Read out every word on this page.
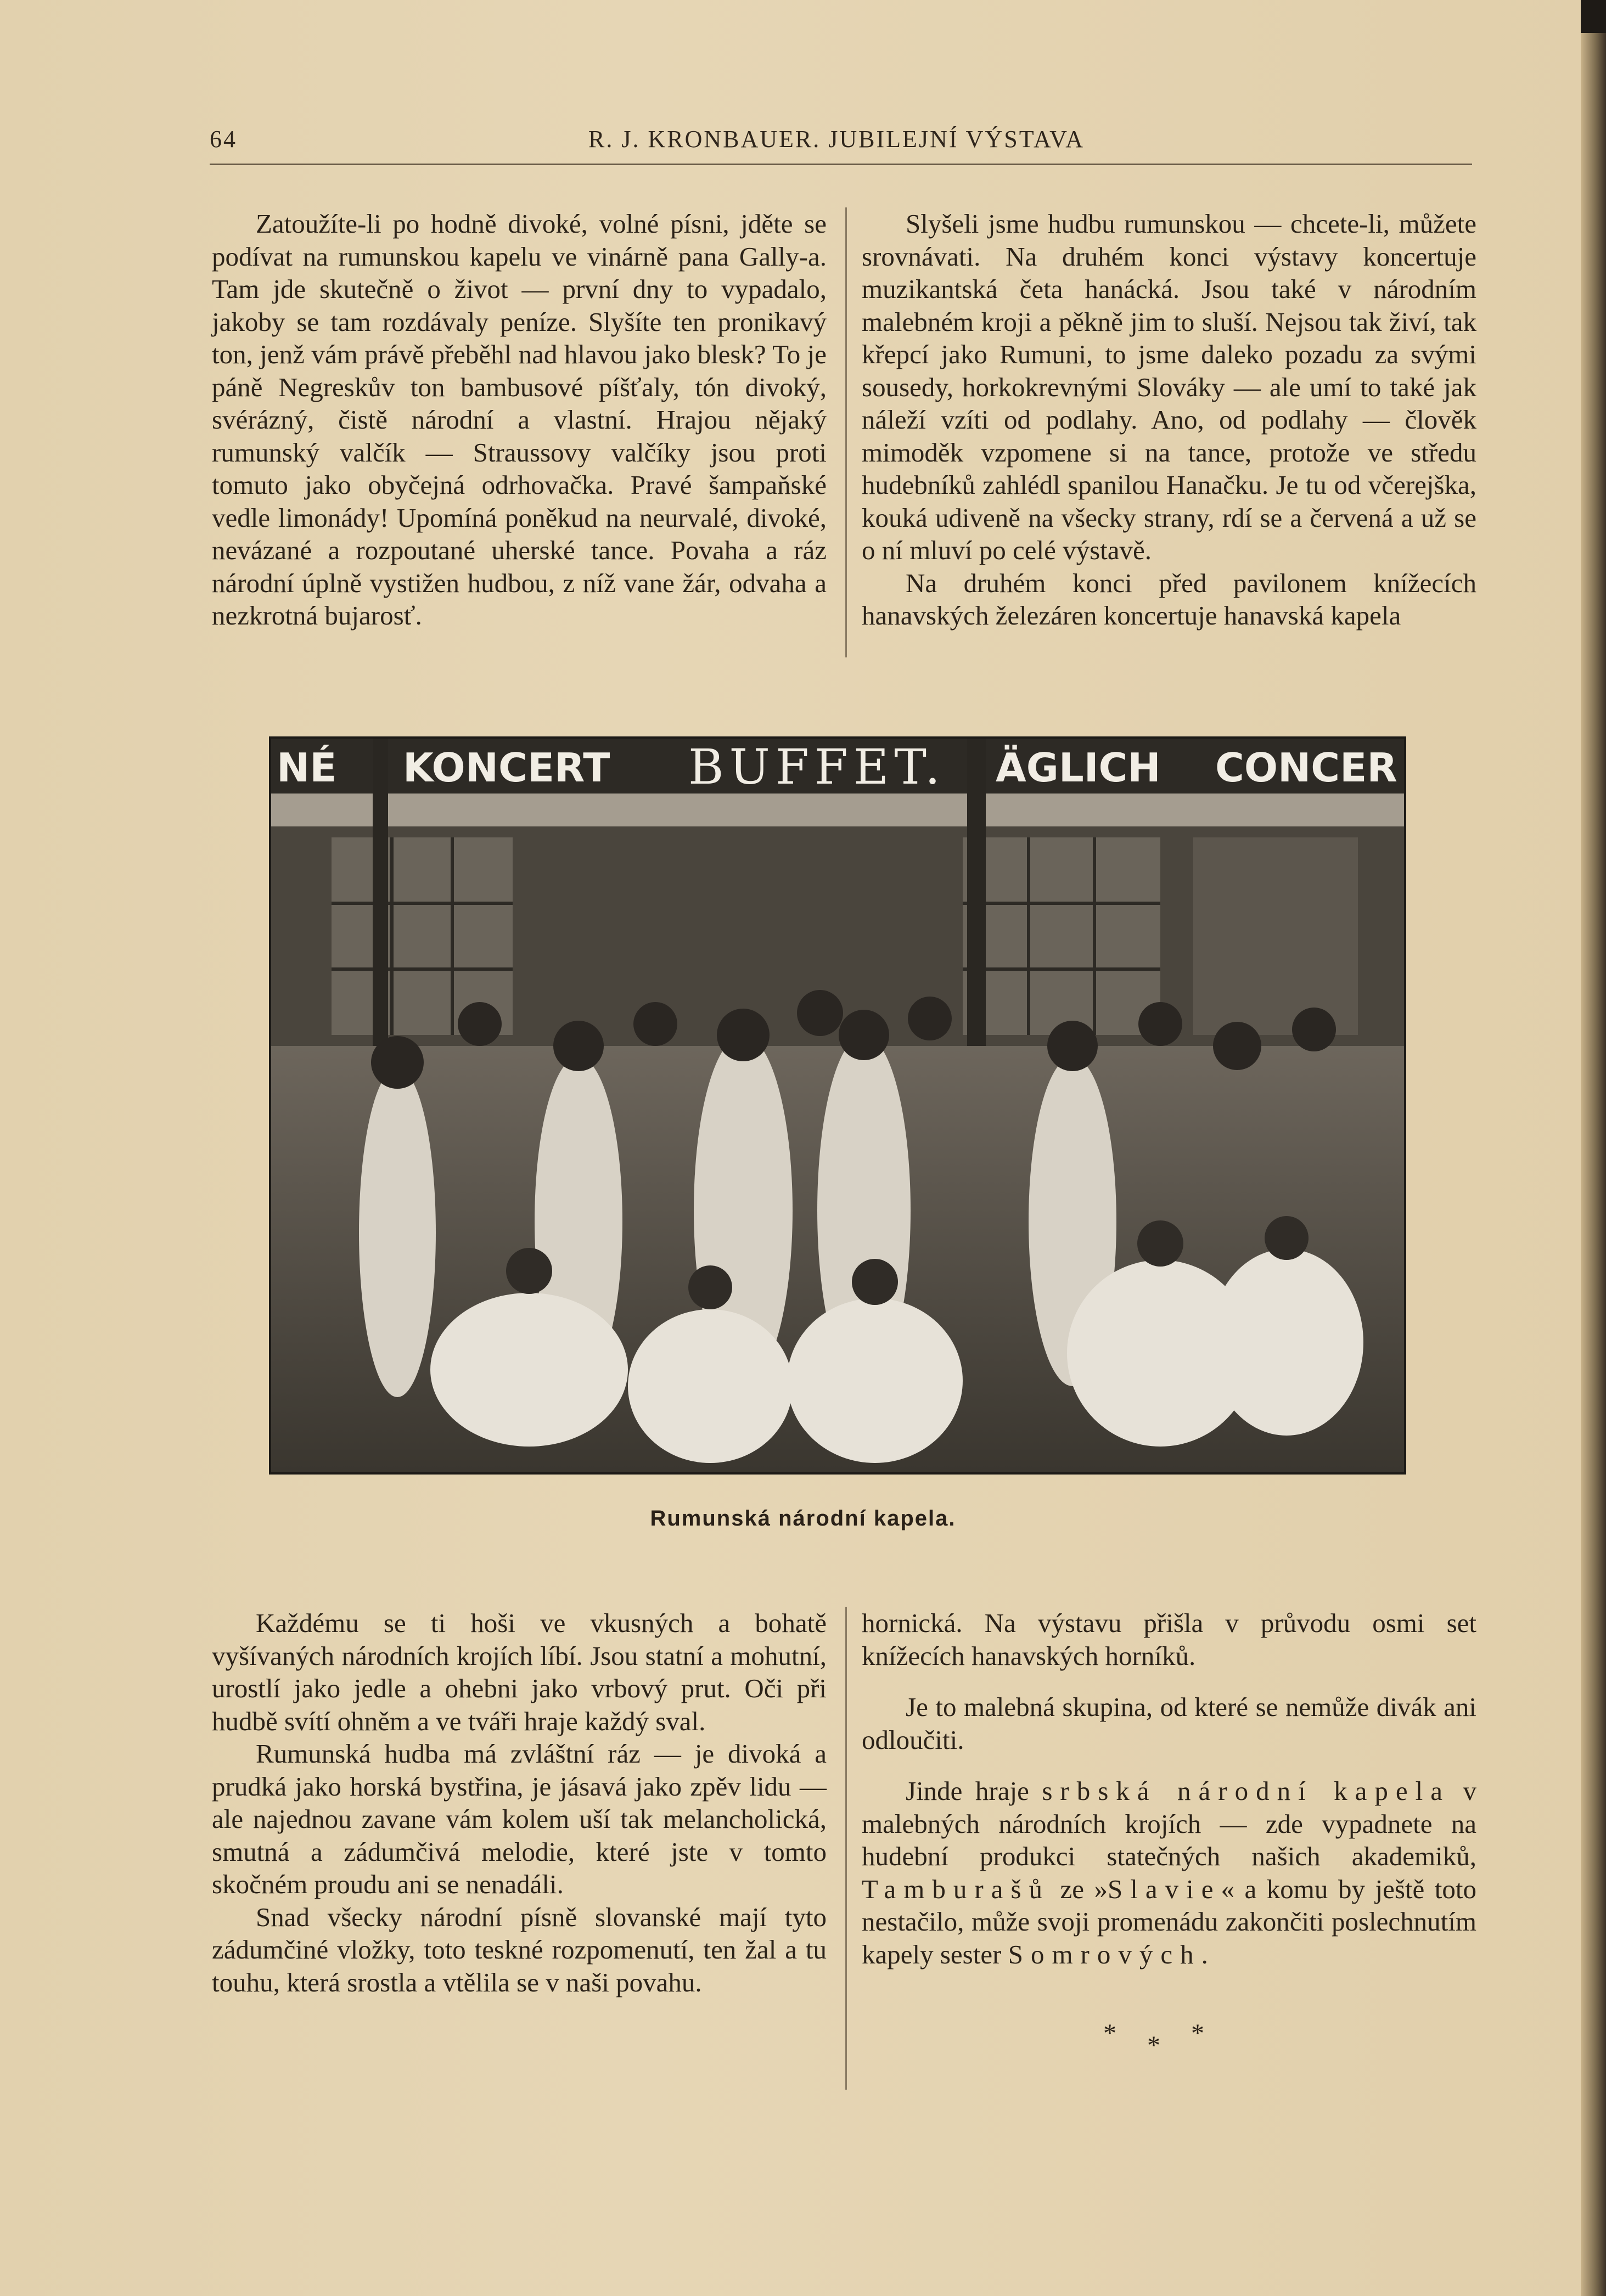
64	R. J. KRONBAUER. JUBILEJNÍ VÝSTAVA

Zatoužíte-li po hodně divoké, volné písni, jděte se podívat na rumunskou kapelu ve vinárně pana Gally-a. Tam jde skutečně o život — první dny to vypadalo, jakoby se tam rozdávaly peníze. Slyšíte ten pronikavý ton, jenž vám právě přeběhl nad hlavou jako blesk? To je páně Negreskův ton bambusové píšťaly, tón divoký, svérázný, čistě národní a vlastní. Hrajou nějaký rumunský valčík — Straussovy valčíky jsou proti tomuto jako obyčejná odrhovačka. Pravé šampaňské vedle limonády! Upomíná poněkud na neurvalé, divoké, nevázané a rozpoutané uherské tance. Povaha a ráz národní úplně vystižen hudbou, z níž vane žár, odvaha a nezkrotná bujarosť.

Slyšeli jsme hudbu rumunskou — chcete-li, můžete srovnávati. Na druhém konci výstavy koncertuje muzikantská četa hanácká. Jsou také v národním malebném kroji a pěkně jim to sluší. Nejsou tak živí, tak křepcí jako Rumuni, to jsme daleko pozadu za svými sousedy, horkokrevnými Slováky — ale umí to také jak náleží vzíti od podlahy. Ano, od podlahy — člověk mimoděk vzpomene si na tance, protože ve středu hudebníků zahlédl spanilou Hanačku. Je tu od včerejška, kouká udiveně na všecky strany, rdí se a červená a už se o ní mluví po celé výstavě.

Na druhém konci před pavilonem knížecích hanavských železáren koncertuje hanavská kapela

NÉ KONCERT BUFFET. ÄGLICH CONCER
Rumunská národní kapela.

Každému se ti hoši ve vkusných a bohatě vyšívaných národních krojích líbí. Jsou statní a mohutní, urostlí jako jedle a ohebni jako vrbový prut. Oči při hudbě svítí ohněm a ve tváři hraje každý sval.

Rumunská hudba má zvláštní ráz — je divoká a prudká jako horská bystřina, je jásavá jako zpěv lidu — ale najednou zavane vám kolem uší tak melancholická, smutná a zádumčivá melodie, které jste v tomto skočném proudu ani se nenadáli.

Snad všecky národní písně slovanské mají tyto zádumčiné vložky, toto teskné rozpomenutí, ten žal a tu touhu, která srostla a vtělila se v naši povahu.

hornická. Na výstavu přišla v průvodu osmi set knížecích hanavských horníků.

Je to malebná skupina, od které se nemůže divák ani odloučiti.

Jinde hraje srbská národní kapela v malebných národních krojích — zde vypadnete na hudební produkci statečných našich akademiků, Tamburašů ze »Slavie« a komu by ještě toto nestačilo, může svoji promenádu zakončiti poslechnutím kapely sester Somrových.

* * *
